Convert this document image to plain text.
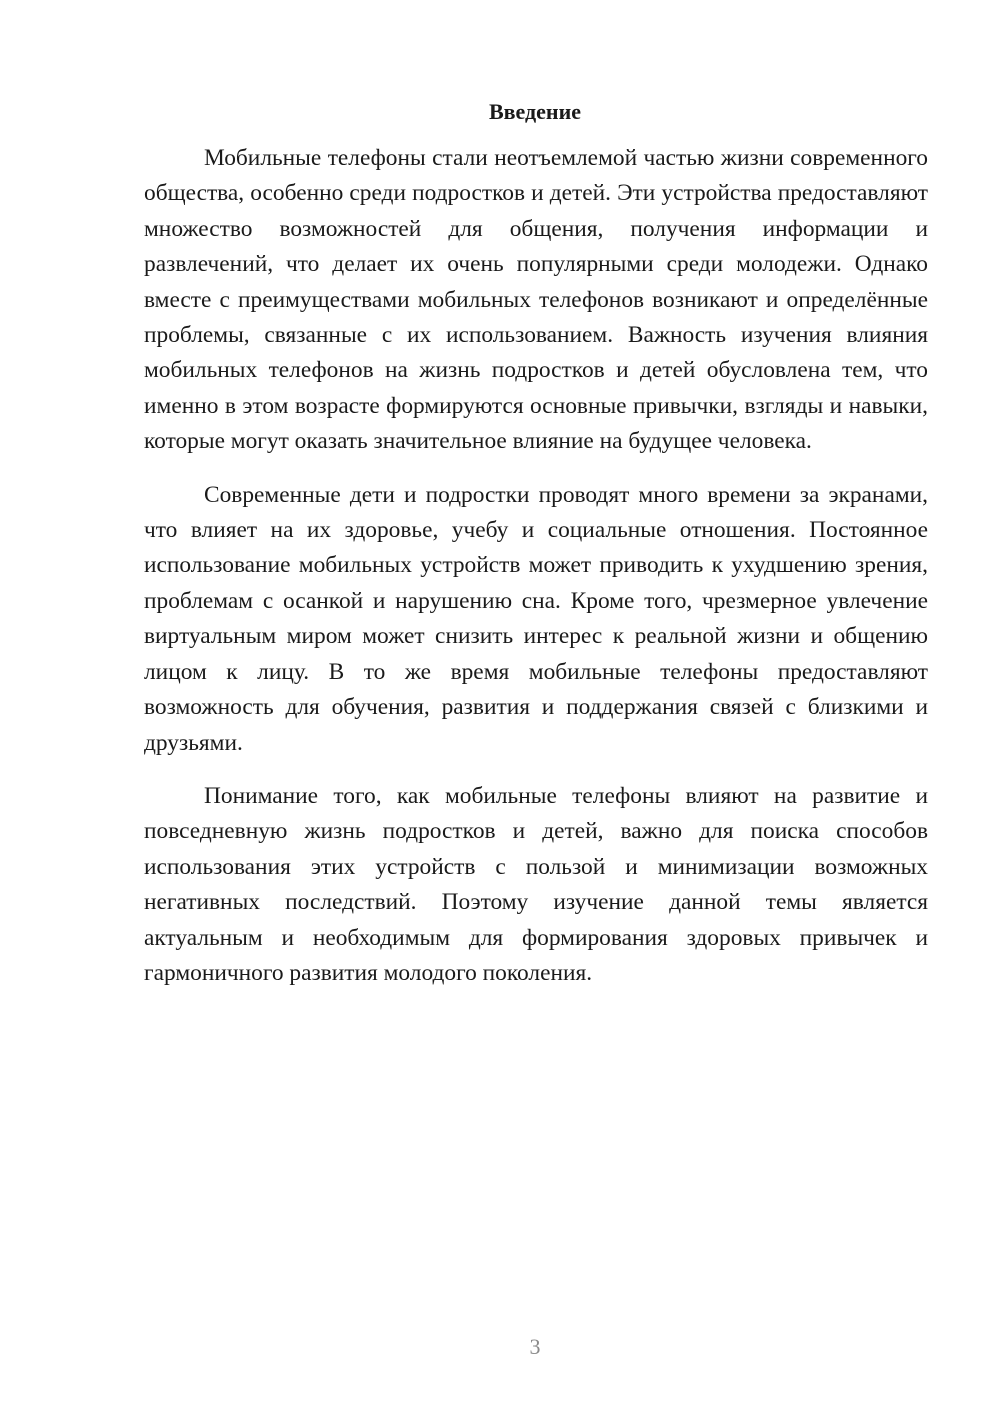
Введение

Мобильные телефоны стали неотъемлемой частью жизни современного общества, особенно среди подростков и детей. Эти устройства предоставляют множество возможностей для общения, получения информации и развлечений, что делает их очень популярными среди молодежи. Однако вместе с преимуществами мобильных телефонов возникают и определённые проблемы, связанные с их использованием. Важность изучения влияния мобильных телефонов на жизнь подростков и детей обусловлена тем, что именно в этом возрасте формируются основные привычки, взгляды и навыки, которые могут оказать значительное влияние на будущее человека.

Современные дети и подростки проводят много времени за экранами, что влияет на их здоровье, учебу и социальные отношения. Постоянное использование мобильных устройств может приводить к ухудшению зрения, проблемам с осанкой и нарушению сна. Кроме того, чрезмерное увлечение виртуальным миром может снизить интерес к реальной жизни и общению лицом к лицу. В то же время мобильные телефоны предоставляют возможность для обучения, развития и поддержания связей с близкими и друзьями.

Понимание того, как мобильные телефоны влияют на развитие и повседневную жизнь подростков и детей, важно для поиска способов использования этих устройств с пользой и минимизации возможных негативных последствий. Поэтому изучение данной темы является актуальным и необходимым для формирования здоровых привычек и гармоничного развития молодого поколения.

3
